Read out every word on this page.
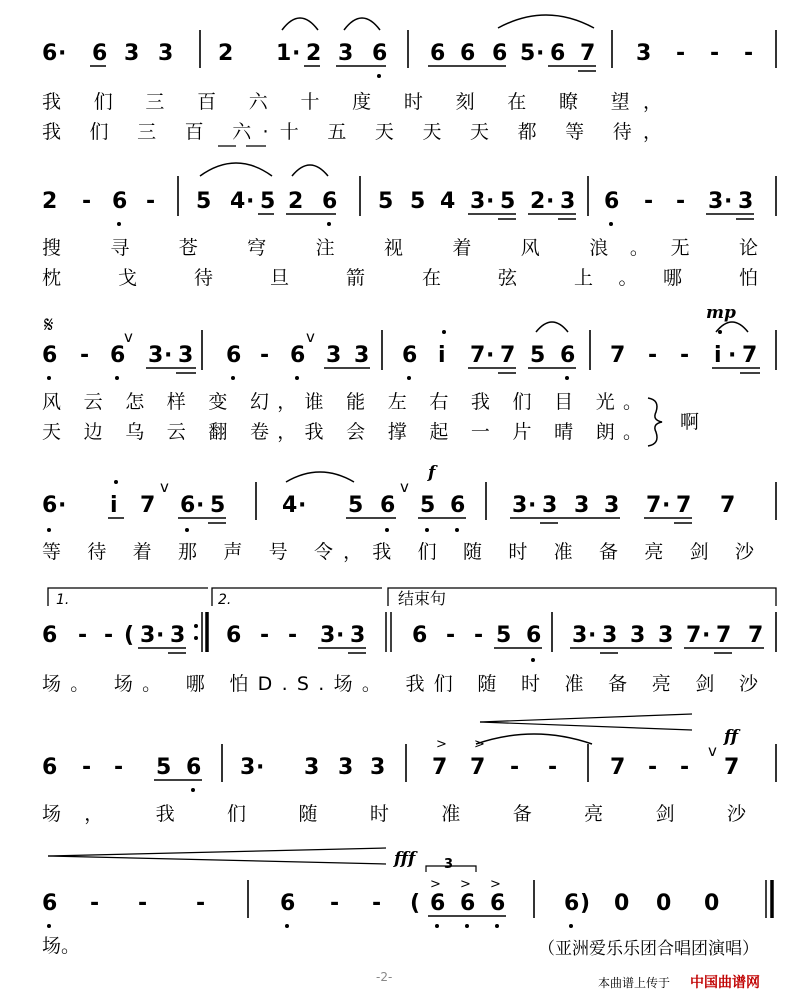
6 · 6 3 3 2 1 · 2 3 6 6 6 6 5 · 6 7 3 - - -
我 们 三 百 六 十 度 时 刻 在 瞭 望，
我 们 三 百 六·十 五 天 天 天 都 等 待，
2 - 6 - 5 4 · 5 2 6 5 5 4 3 · 5 2 · 3 6 - - 3 · 3
搜 寻 苍 穹 注 视 着 风 浪。无 论
枕 戈 待 旦 箭 在 弦 上。哪 怕
𝄋	mp
6 - 6 3 · 3 6 - 6 3 3 6 i 7 · 7 5 6 7 - - i · 7
v	v
风 云 怎 样 变 幻，谁 能 左 右 我 们 目 光。
天 边 乌 云 翻 卷，我 会 撑 起 一 片 晴 朗。 啊
f
6 · i 7 6 · 5	4 · 5 6 5 6 3 · 3 3 3 7 · 7 7
v	v
等 待 着 那 声 号 令，我 们 随 时 准 备 亮 剑 沙
1.	2.	结束句
6 - - ( 3 · 3 6 - - 3 · 3 6 - - 5 6 3 · 3 3 3 7 · 7 7
场。 场。 哪 怕D.S.场。 我们 随 时 准 备 亮 剑 沙
ff
> >
6 - - 5 6 3 · 3 3 3 7 7 - - 7 - - 7
v
场， 我 们 随 时 准 备 亮 剑 沙
fff 3
> > >
6 - - -	6 - - ( 6 6 6	6 ) 0 0 0
场。	（亚洲爱乐乐团合唱团演唱）
-2-	本曲谱上传于 中国曲谱网
